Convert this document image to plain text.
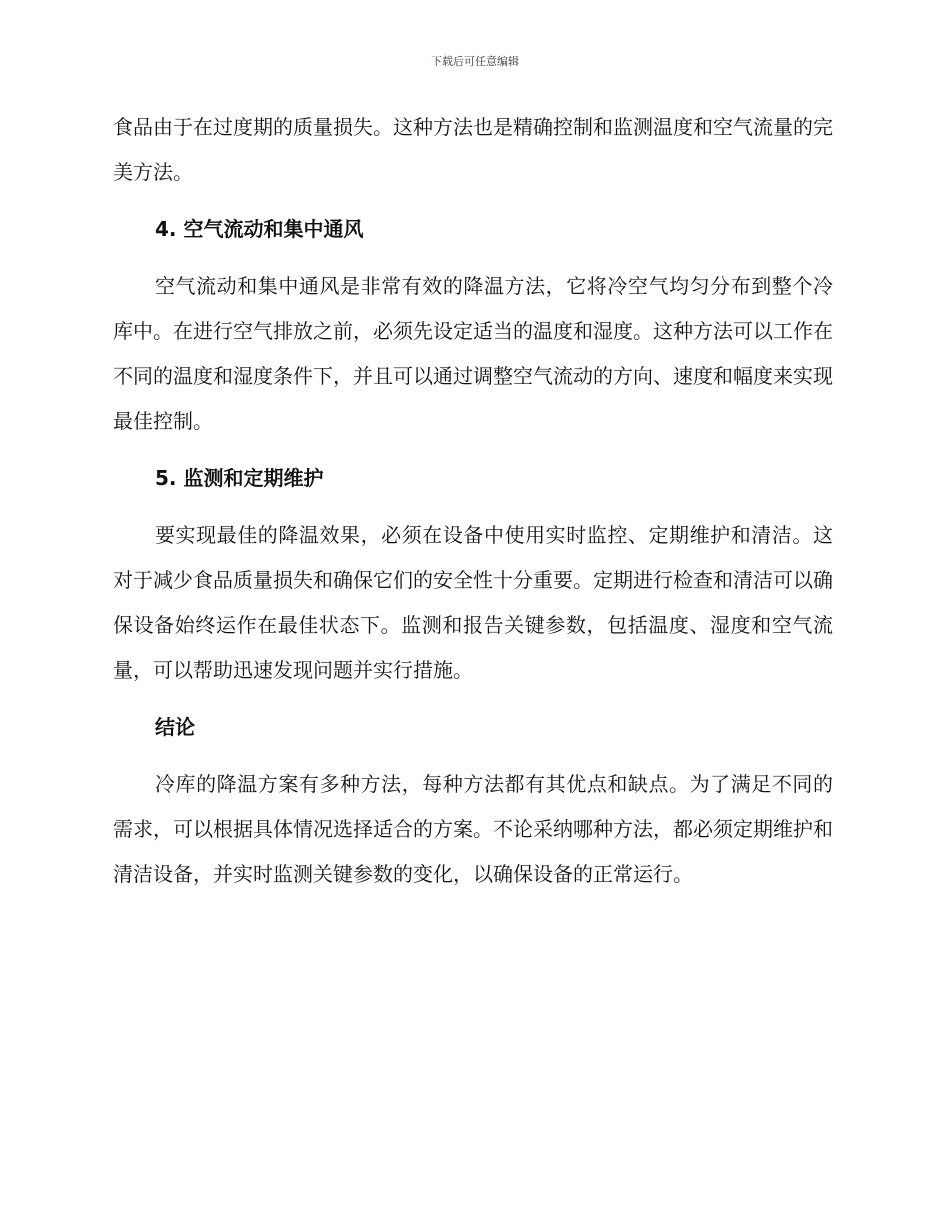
下载后可任意编辑

食品由于在过度期的质量损失。这种方法也是精确控制和监测温度和空气流量的完美方法。

4. 空气流动和集中通风

空气流动和集中通风是非常有效的降温方法，它将冷空气均匀分布到整个冷库中。在进行空气排放之前，必须先设定适当的温度和湿度。这种方法可以工作在不同的温度和湿度条件下，并且可以通过调整空气流动的方向、速度和幅度来实现最佳控制。

5. 监测和定期维护

要实现最佳的降温效果，必须在设备中使用实时监控、定期维护和清洁。这对于减少食品质量损失和确保它们的安全性十分重要。定期进行检查和清洁可以确保设备始终运作在最佳状态下。监测和报告关键参数，包括温度、湿度和空气流量，可以帮助迅速发现问题并实行措施。

结论

冷库的降温方案有多种方法，每种方法都有其优点和缺点。为了满足不同的需求，可以根据具体情况选择适合的方案。不论采纳哪种方法，都必须定期维护和清洁设备，并实时监测关键参数的变化，以确保设备的正常运行。
